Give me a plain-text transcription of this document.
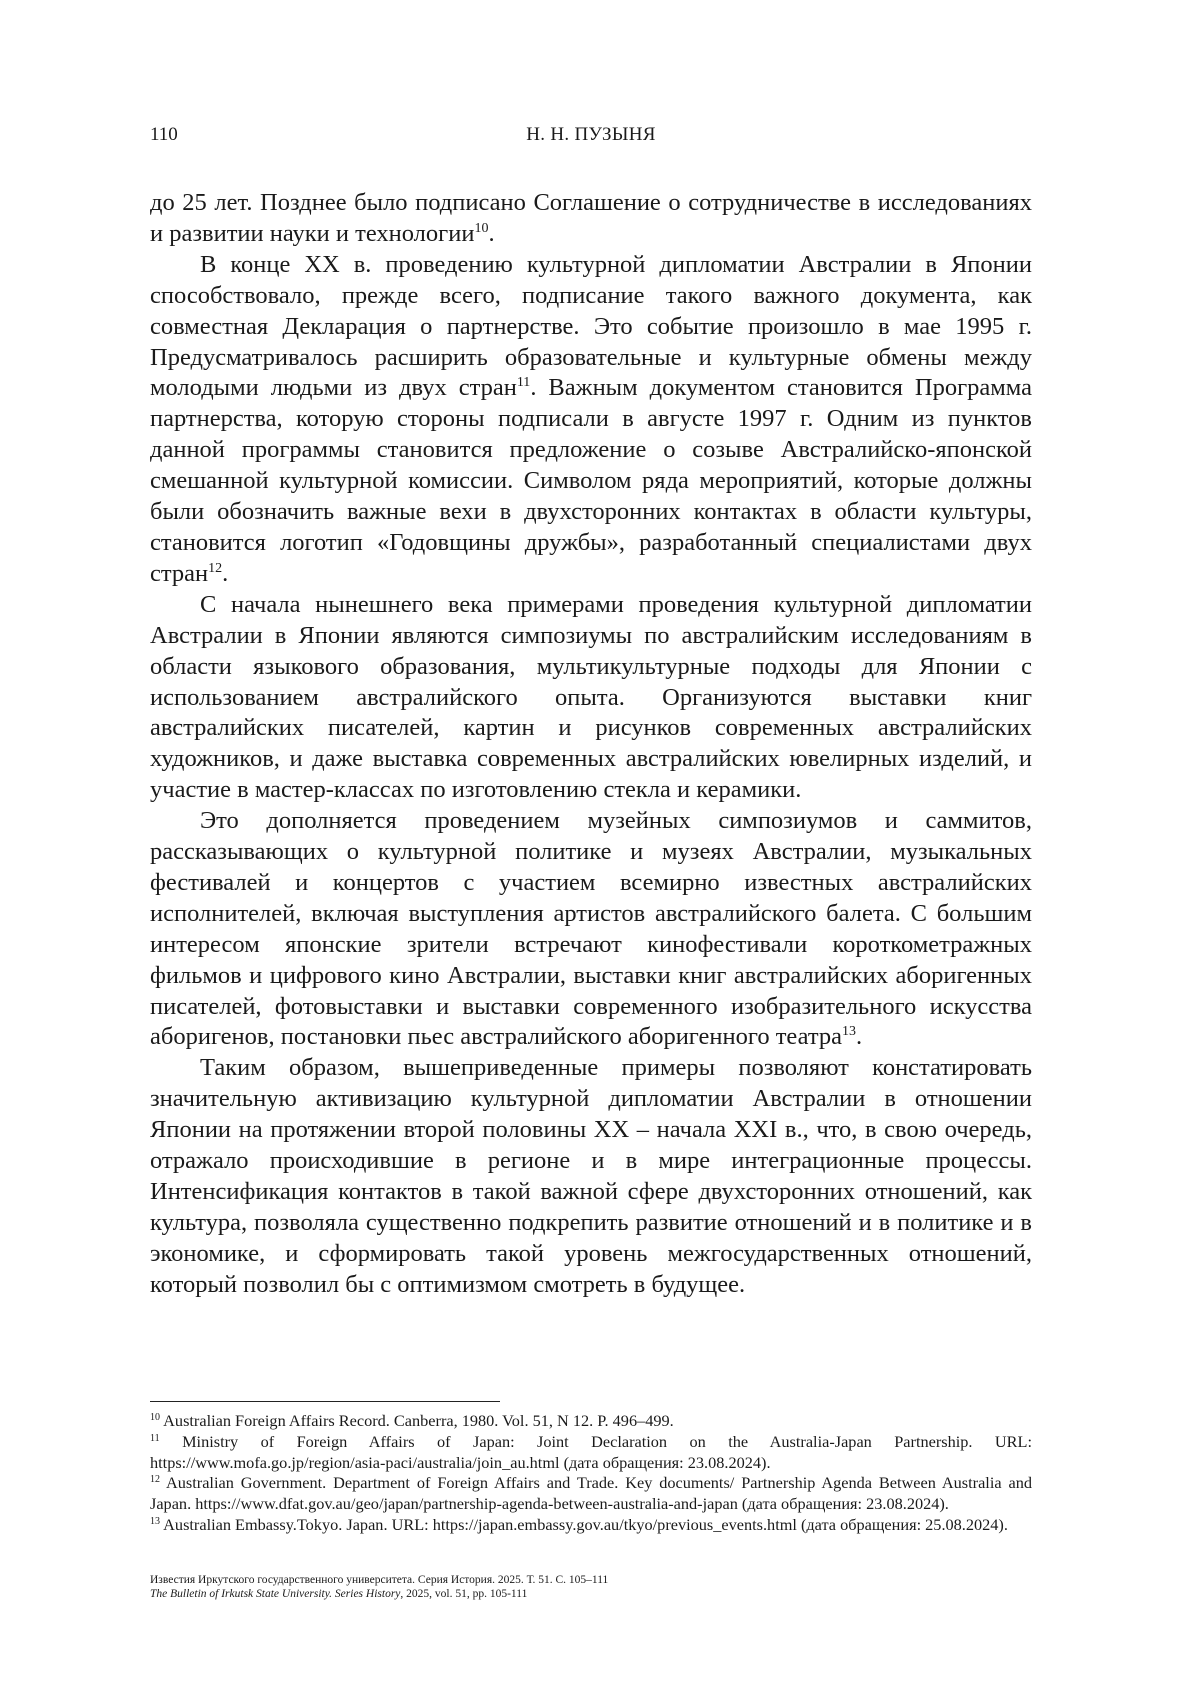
110	Н. Н. ПУЗЫНЯ

до 25 лет. Позднее было подписано Соглашение о сотрудничестве в исследованиях и развитии науки и технологии$^{10}$.

В конце XX в. проведению культурной дипломатии Австралии в Японии способствовало, прежде всего, подписание такого важного документа, как совместная Декларация о партнерстве. Это событие произошло в мае 1995 г. Предусматривалось расширить образовательные и культурные обмены между молодыми людьми из двух стран$^{11}$. Важным документом становится Программа партнерства, которую стороны подписали в августе 1997 г. Одним из пунктов данной программы становится предложение о созыве Австралийско-японской смешанной культурной комиссии. Символом ряда мероприятий, которые должны были обозначить важные вехи в двухсторонних контактах в области культуры, становится логотип «Годовщины дружбы», разработанный специалистами двух стран$^{12}$.

С начала нынешнего века примерами проведения культурной дипломатии Австралии в Японии являются симпозиумы по австралийским исследованиям в области языкового образования, мультикультурные подходы для Японии с использованием австралийского опыта. Организуются выставки книг австралийских писателей, картин и рисунков современных австралийских художников, и даже выставка современных австралийских ювелирных изделий, и участие в мастер-классах по изготовлению стекла и керамики.

Это дополняется проведением музейных симпозиумов и саммитов, рассказывающих о культурной политике и музеях Австралии, музыкальных фестивалей и концертов с участием всемирно известных австралийских исполнителей, включая выступления артистов австралийского балета. С большим интересом японские зрители встречают кинофестивали короткометражных фильмов и цифрового кино Австралии, выставки книг австралийских аборигенных писателей, фотовыставки и выставки современного изобразительного искусства аборигенов, постановки пьес австралийского аборигенного театра$^{13}$.

Таким образом, вышеприведенные примеры позволяют констатировать значительную активизацию культурной дипломатии Австралии в отношении Японии на протяжении второй половины XX – начала XXI в., что, в свою очередь, отражало происходившие в регионе и в мире интеграционные процессы. Интенсификация контактов в такой важной сфере двухсторонних отношений, как культура, позволяла существенно подкрепить развитие отношений и в политике и в экономике, и сформировать такой уровень межгосударственных отношений, который позволил бы с оптимизмом смотреть в будущее.

$^{10}$ Australian Foreign Affairs Record. Canberra, 1980. Vol. 51, N 12. P. 496–499.

$^{11}$ Ministry of Foreign Affairs of Japan: Joint Declaration on the Australia-Japan Partnership. URL: https://www.mofa.go.jp/region/asia-paci/australia/join_au.html (дата обращения: 23.08.2024).

$^{12}$ Australian Government. Department of Foreign Affairs and Trade. Key documents/ Partnership Agenda Between Australia and Japan. https://www.dfat.gov.au/geo/japan/partnership-agenda-between-australia-and-japan (дата обращения: 23.08.2024).

$^{13}$ Australian Embassy.Tokyo. Japan. URL: https://japan.embassy.gov.au/tkyo/previous_events.html (дата обращения: 25.08.2024).

Известия Иркутского государственного университета. Серия История. 2025. Т. 51. С. 105–111
The Bulletin of Irkutsk State University. Series History, 2025, vol. 51, pp. 105-111
